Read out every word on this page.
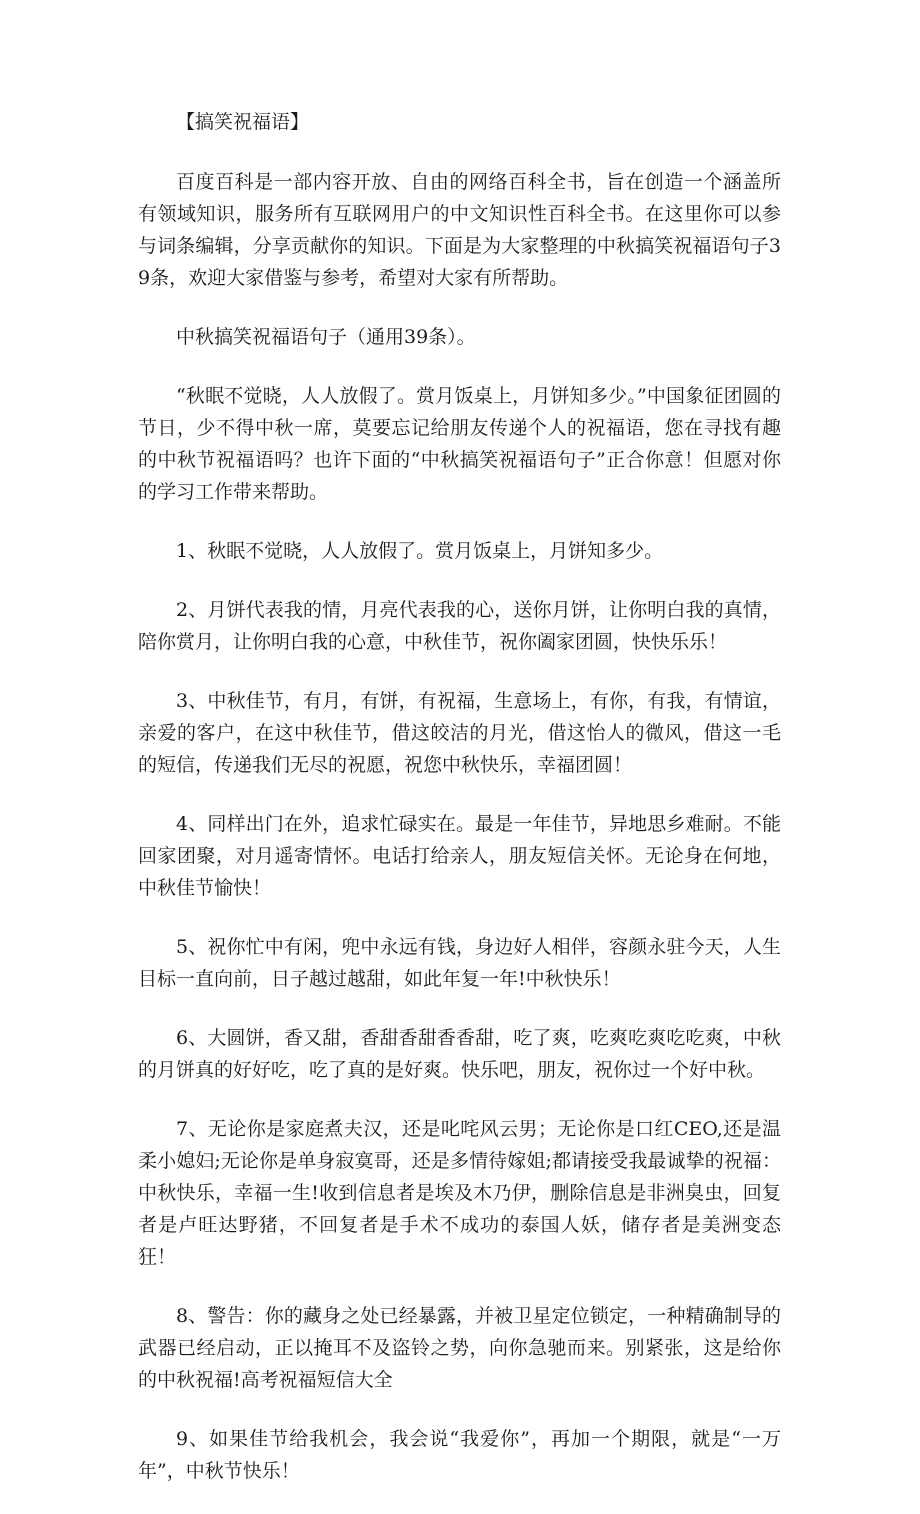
【搞笑祝福语】

百度百科是一部内容开放、自由的网络百科全书，旨在创造一个涵盖所有领域知识，服务所有互联网用户的中文知识性百科全书。在这里你可以参与词条编辑，分享贡献你的知识。下面是为大家整理的中秋搞笑祝福语句子39条，欢迎大家借鉴与参考，希望对大家有所帮助。

中秋搞笑祝福语句子（通用39条）。

“秋眠不觉晓，人人放假了。赏月饭桌上，月饼知多少。”中国象征团圆的节日，少不得中秋一席，莫要忘记给朋友传递个人的祝福语，您在寻找有趣的中秋节祝福语吗？也许下面的“中秋搞笑祝福语句子”正合你意！但愿对你的学习工作带来帮助。

1、秋眠不觉晓，人人放假了。赏月饭桌上，月饼知多少。

2、月饼代表我的情，月亮代表我的心，送你月饼，让你明白我的真情，陪你赏月，让你明白我的心意，中秋佳节，祝你阖家团圆，快快乐乐！

3、中秋佳节，有月，有饼，有祝福，生意场上，有你，有我，有情谊，亲爱的客户，在这中秋佳节，借这皎洁的月光，借这怡人的微风，借这一毛的短信，传递我们无尽的祝愿，祝您中秋快乐，幸福团圆！

4、同样出门在外，追求忙碌实在。最是一年佳节，异地思乡难耐。不能回家团聚，对月遥寄情怀。电话打给亲人，朋友短信关怀。无论身在何地，中秋佳节愉快！

5、祝你忙中有闲，兜中永远有钱，身边好人相伴，容颜永驻今天，人生目标一直向前，日子越过越甜，如此年复一年!中秋快乐！

6、大圆饼，香又甜，香甜香甜香香甜，吃了爽，吃爽吃爽吃吃爽，中秋的月饼真的好好吃，吃了真的是好爽。快乐吧，朋友，祝你过一个好中秋。

7、无论你是家庭煮夫汉，还是叱咤风云男；无论你是口红CEO,还是温柔小媳妇;无论你是单身寂寞哥，还是多情待嫁姐;都请接受我最诚挚的祝福：中秋快乐，幸福一生!收到信息者是埃及木乃伊，删除信息是非洲臭虫，回复者是卢旺达野猪，不回复者是手术不成功的泰国人妖，储存者是美洲变态狂！

8、警告：你的藏身之处已经暴露，并被卫星定位锁定，一种精确制导的武器已经启动，正以掩耳不及盗铃之势，向你急驰而来。别紧张，这是给你的中秋祝福!高考祝福短信大全

9、如果佳节给我机会，我会说“我爱你”，再加一个期限，就是“一万年”，中秋节快乐！
